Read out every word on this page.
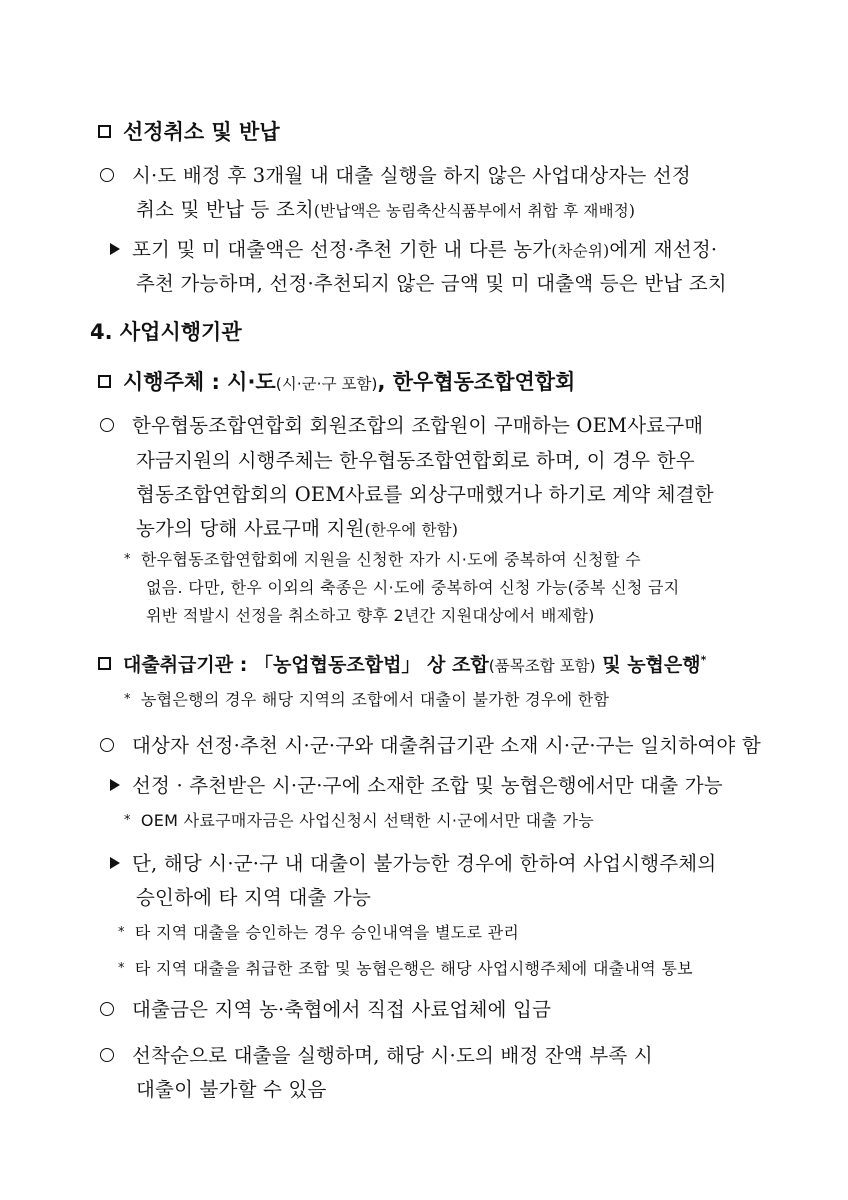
선정취소 및 반납
시·도 배정 후 3개월 내 대출 실행을 하지 않은 사업대상자는 선정
취소 및 반납 등 조치(반납액은 농림축산식품부에서 취합 후 재배정)
포기 및 미 대출액은 선정·추천 기한 내 다른 농가(차순위)에게 재선정·
추천 가능하며, 선정·추천되지 않은 금액 및 미 대출액 등은 반납 조치
4. 사업시행기관
시행주체 : 시·도(시·군·구 포함), 한우협동조합연합회
한우협동조합연합회 회원조합의 조합원이 구매하는 OEM사료구매
자금지원의 시행주체는 한우협동조합연합회로 하며, 이 경우 한우
협동조합연합회의 OEM사료를 외상구매했거나 하기로 계약 체결한
농가의 당해 사료구매 지원(한우에 한함)
* 한우협동조합연합회에 지원을 신청한 자가 시·도에 중복하여 신청할 수
없음. 다만, 한우 이외의 축종은 시·도에 중복하여 신청 가능(중복 신청 금지
위반 적발시 선정을 취소하고 향후 2년간 지원대상에서 배제함)
대출취급기관 : 「농업협동조합법」 상 조합(품목조합 포함) 및 농협은행*
* 농협은행의 경우 해당 지역의 조합에서 대출이 불가한 경우에 한함
대상자 선정·추천 시·군·구와 대출취급기관 소재 시·군·구는 일치하여야 함
선정 · 추천받은 시·군·구에 소재한 조합 및 농협은행에서만 대출 가능
* OEM 사료구매자금은 사업신청시 선택한 시·군에서만 대출 가능
단, 해당 시·군·구 내 대출이 불가능한 경우에 한하여 사업시행주체의
승인하에 타 지역 대출 가능
* 타 지역 대출을 승인하는 경우 승인내역을 별도로 관리
* 타 지역 대출을 취급한 조합 및 농협은행은 해당 사업시행주체에 대출내역 통보
대출금은 지역 농·축협에서 직접 사료업체에 입금
선착순으로 대출을 실행하며, 해당 시·도의 배정 잔액 부족 시
대출이 불가할 수 있음
